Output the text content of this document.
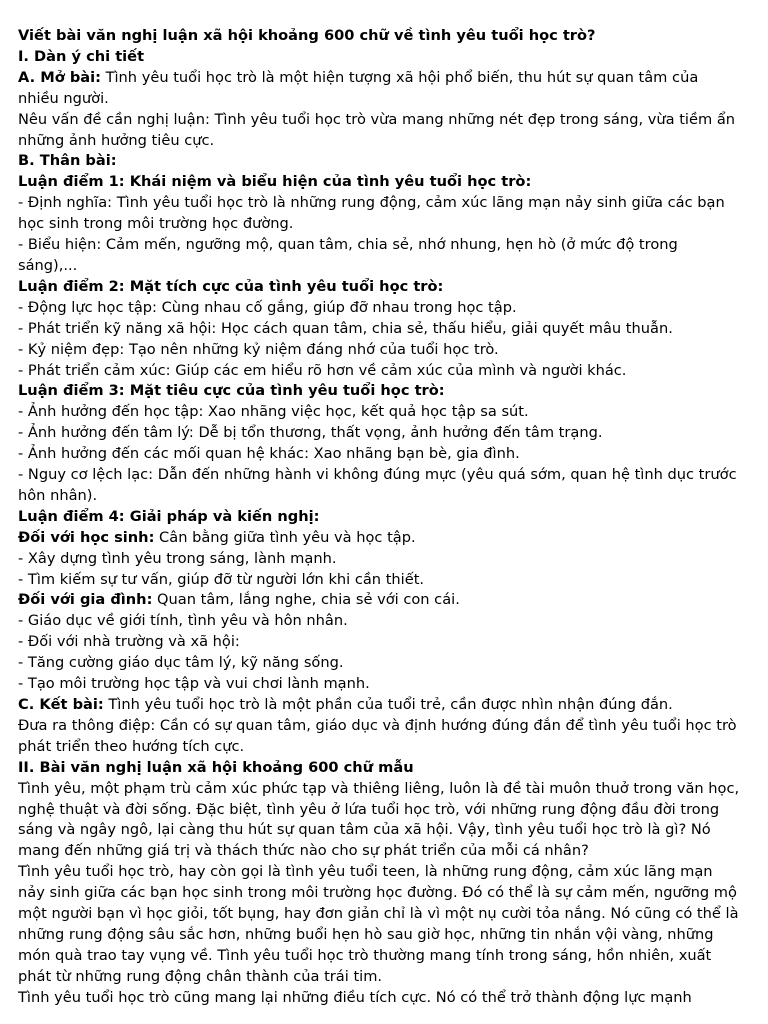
Viết bài văn nghị luận xã hội khoảng 600 chữ về tình yêu tuổi học trò?
I. Dàn ý chi tiết
A. Mở bài: Tình yêu tuổi học trò là một hiện tượng xã hội phổ biến, thu hút sự quan tâm của nhiều người.
Nêu vấn đề cần nghị luận: Tình yêu tuổi học trò vừa mang những nét đẹp trong sáng, vừa tiềm ẩn những ảnh hưởng tiêu cực.
B. Thân bài:
Luận điểm 1: Khái niệm và biểu hiện của tình yêu tuổi học trò:
- Định nghĩa: Tình yêu tuổi học trò là những rung động, cảm xúc lãng mạn nảy sinh giữa các bạn học sinh trong môi trường học đường.
- Biểu hiện: Cảm mến, ngưỡng mộ, quan tâm, chia sẻ, nhớ nhung, hẹn hò (ở mức độ trong sáng),...
Luận điểm 2: Mặt tích cực của tình yêu tuổi học trò:
- Động lực học tập: Cùng nhau cố gắng, giúp đỡ nhau trong học tập.
- Phát triển kỹ năng xã hội: Học cách quan tâm, chia sẻ, thấu hiểu, giải quyết mâu thuẫn.
- Kỷ niệm đẹp: Tạo nên những kỷ niệm đáng nhớ của tuổi học trò.
- Phát triển cảm xúc: Giúp các em hiểu rõ hơn về cảm xúc của mình và người khác.
Luận điểm 3: Mặt tiêu cực của tình yêu tuổi học trò:
- Ảnh hưởng đến học tập: Xao nhãng việc học, kết quả học tập sa sút.
- Ảnh hưởng đến tâm lý: Dễ bị tổn thương, thất vọng, ảnh hưởng đến tâm trạng.
- Ảnh hưởng đến các mối quan hệ khác: Xao nhãng bạn bè, gia đình.
- Nguy cơ lệch lạc: Dẫn đến những hành vi không đúng mực (yêu quá sớm, quan hệ tình dục trước hôn nhân).
Luận điểm 4: Giải pháp và kiến nghị:
Đối với học sinh: Cân bằng giữa tình yêu và học tập.
- Xây dựng tình yêu trong sáng, lành mạnh.
- Tìm kiếm sự tư vấn, giúp đỡ từ người lớn khi cần thiết.
Đối với gia đình: Quan tâm, lắng nghe, chia sẻ với con cái.
- Giáo dục về giới tính, tình yêu và hôn nhân.
- Đối với nhà trường và xã hội:
- Tăng cường giáo dục tâm lý, kỹ năng sống.
- Tạo môi trường học tập và vui chơi lành mạnh.
C. Kết bài: Tình yêu tuổi học trò là một phần của tuổi trẻ, cần được nhìn nhận đúng đắn.
Đưa ra thông điệp: Cần có sự quan tâm, giáo dục và định hướng đúng đắn để tình yêu tuổi học trò phát triển theo hướng tích cực.
II. Bài văn nghị luận xã hội khoảng 600 chữ mẫu
Tình yêu, một phạm trù cảm xúc phức tạp và thiêng liêng, luôn là đề tài muôn thuở trong văn học, nghệ thuật và đời sống. Đặc biệt, tình yêu ở lứa tuổi học trò, với những rung động đầu đời trong sáng và ngây ngô, lại càng thu hút sự quan tâm của xã hội. Vậy, tình yêu tuổi học trò là gì? Nó mang đến những giá trị và thách thức nào cho sự phát triển của mỗi cá nhân?
Tình yêu tuổi học trò, hay còn gọi là tình yêu tuổi teen, là những rung động, cảm xúc lãng mạn nảy sinh giữa các bạn học sinh trong môi trường học đường. Đó có thể là sự cảm mến, ngưỡng mộ một người bạn vì học giỏi, tốt bụng, hay đơn giản chỉ là vì một nụ cười tỏa nắng. Nó cũng có thể là những rung động sâu sắc hơn, những buổi hẹn hò sau giờ học, những tin nhắn vội vàng, những món quà trao tay vụng về. Tình yêu tuổi học trò thường mang tính trong sáng, hồn nhiên, xuất phát từ những rung động chân thành của trái tim.
Tình yêu tuổi học trò cũng mang lại những điều tích cực. Nó có thể trở thành động lực mạnh
